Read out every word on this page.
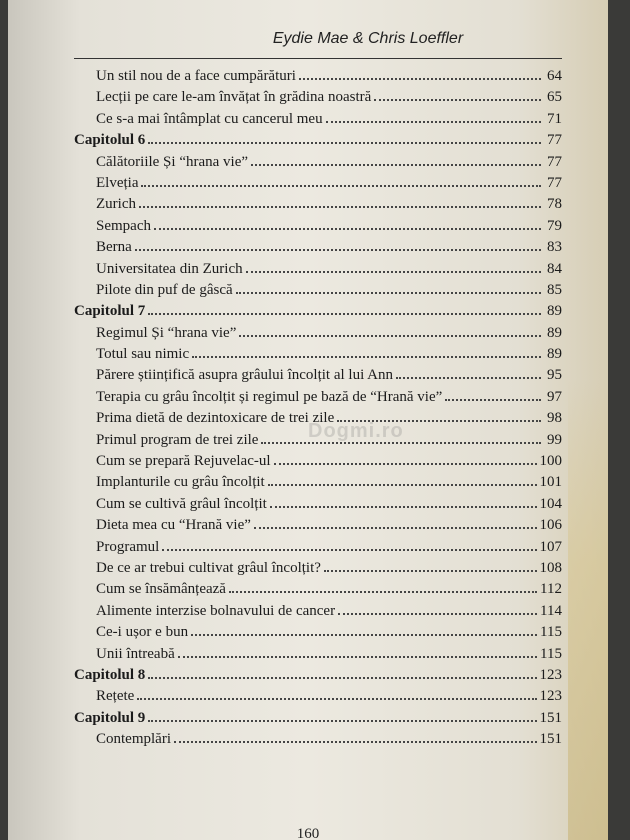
Eydie Mae & Chris Loeffler
Un stil nou de a face cumpărături	64
Lecții pe care le-am învățat în grădina noastră	65
Ce s-a mai întâmplat cu cancerul meu	71
Capitolul 6	77
Călătoriile Și “hrana vie”	77
Elveția	77
Zurich	78
Sempach	79
Berna	83
Universitatea din Zurich	84
Pilote din puf de gâscă	85
Capitolul 7	89
Regimul Și “hrana vie”	89
Totul sau nimic	89
Părere științifică asupra grâului încolțit al lui Ann	95
Terapia cu grâu încolțit și regimul pe bază de “Hrană vie”	97
Prima dietă de dezintoxicare de trei zile	98
Primul program de trei zile	99
Cum se prepară Rejuvelac-ul	100
Implanturile cu grâu încolțit	101
Cum se cultivă grâul încolțit	104
Dieta mea cu “Hrană vie”	106
Programul	107
De ce ar trebui cultivat grâul încolțit?	108
Cum se însămânțează	112
Alimente interzise bolnavului de cancer	114
Ce-i ușor e bun	115
Unii întreabă	115
Capitolul 8	123
Rețete	123
Capitolul 9	151
Contemplări	151
Dogmi.ro
160
